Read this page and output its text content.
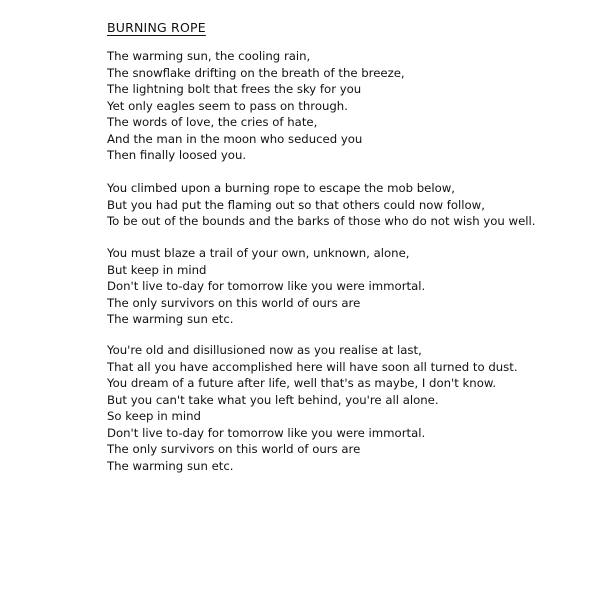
BURNING ROPE
The warming sun, the cooling rain,
The snowflake drifting on the breath of the breeze,
The lightning bolt that frees the sky for you
Yet only eagles seem to pass on through.
The words of love, the cries of hate,
And the man in the moon who seduced you
Then finally loosed you.
You climbed upon a burning rope to escape the mob below,
But you had put the flaming out so that others could now follow,
To be out of the bounds and the barks of those who do not wish you well.
You must blaze a trail of your own, unknown, alone,
But keep in mind
Don't live to-day for tomorrow like you were immortal.
The only survivors on this world of ours are
The warming sun etc.
You're old and disillusioned now as you realise at last,
That all you have accomplished here will have soon all turned to dust.
You dream of a future after life, well that's as maybe, I don't know.
But you can't take what you left behind, you're all alone.
So keep in mind
Don't live to-day for tomorrow like you were immortal.
The only survivors on this world of ours are
The warming sun etc.
